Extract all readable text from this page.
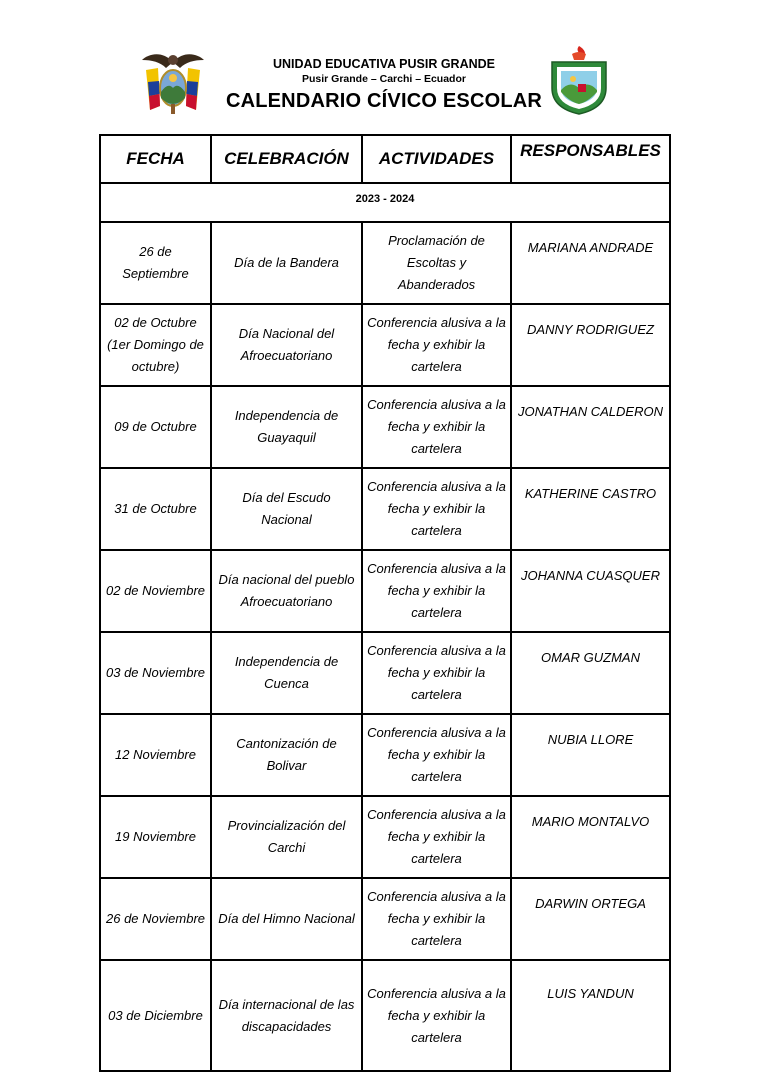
UNIDAD EDUCATIVA PUSIR GRANDE
Pusir Grande – Carchi – Ecuador
CALENDARIO CÍVICO ESCOLAR
FECHA	CELEBRACIÓN	ACTIVIDADES	RESPONSABLES
2023 - 2024			
26 de Septiembre	Día de la Bandera	Proclamación de Escoltas y Abanderados	MARIANA ANDRADE
02 de Octubre (1er Domingo de octubre)	Día Nacional del Afroecuatoriano	Conferencia alusiva a la fecha y exhibir la cartelera	DANNY RODRIGUEZ
09 de Octubre	Independencia de Guayaquil	Conferencia alusiva a la fecha y exhibir la cartelera	JONATHAN CALDERON
31 de Octubre	Día del Escudo Nacional	Conferencia alusiva a la fecha y exhibir la cartelera	KATHERINE CASTRO
02 de Noviembre	Día nacional del pueblo Afroecuatoriano	Conferencia alusiva a la fecha y exhibir la cartelera	JOHANNA CUASQUER
03 de Noviembre	Independencia de Cuenca	Conferencia alusiva a la fecha y exhibir la cartelera	OMAR GUZMAN
12 Noviembre	Cantonización de Bolivar	Conferencia alusiva a la fecha y exhibir la cartelera	NUBIA LLORE
19 Noviembre	Provincialización del Carchi	Conferencia alusiva a la fecha y exhibir la cartelera	MARIO MONTALVO
26 de Noviembre	Día del Himno Nacional	Conferencia alusiva a la fecha y exhibir la cartelera	DARWIN ORTEGA
03 de Diciembre	Día internacional de las discapacidades	Conferencia alusiva a la fecha y exhibir la cartelera	LUIS YANDUN
